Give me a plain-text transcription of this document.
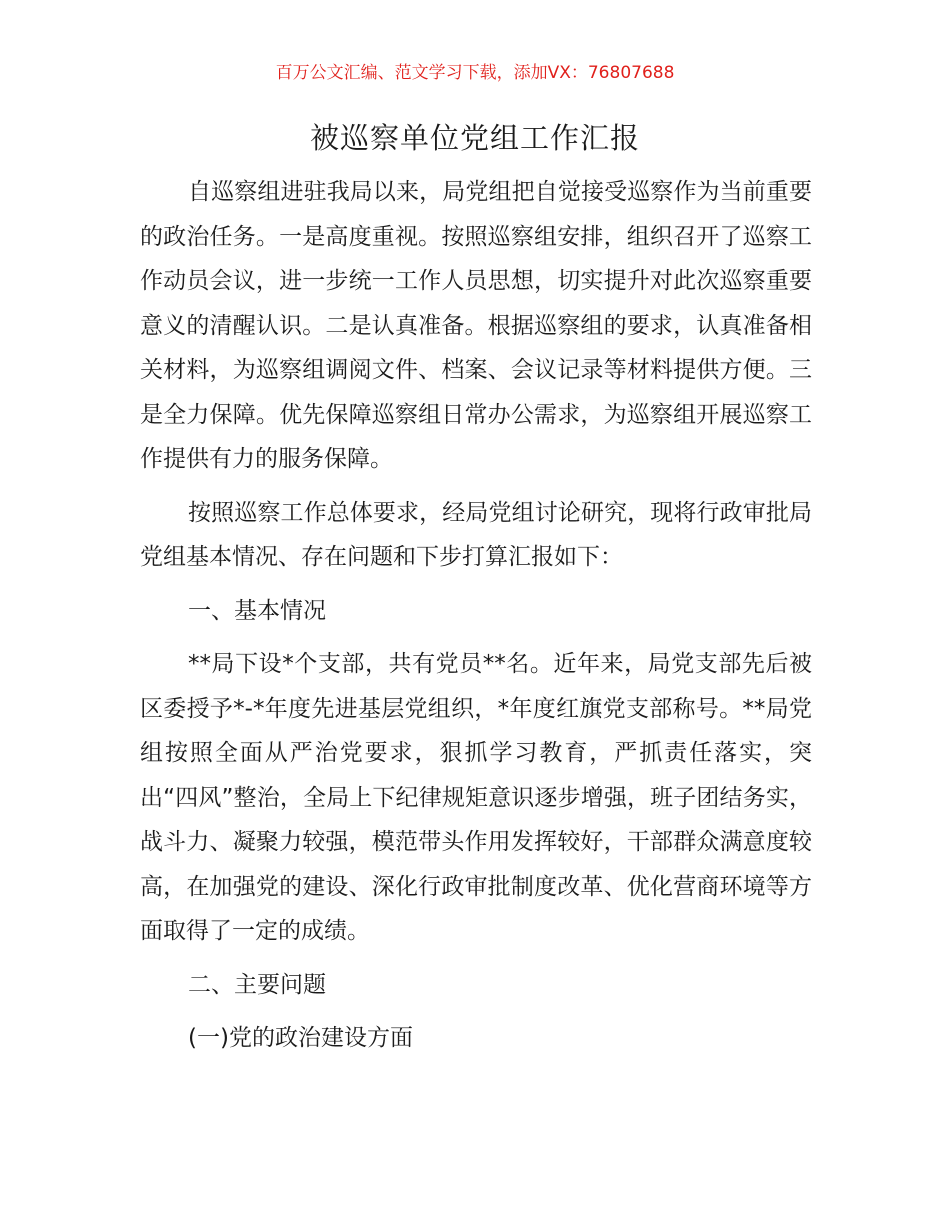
百万公文汇编、范文学习下载，添加VX：76807688
被巡察单位党组工作汇报

自巡察组进驻我局以来，局党组把自觉接受巡察作为当前重要的政治任务。一是高度重视。按照巡察组安排，组织召开了巡察工作动员会议，进一步统一工作人员思想，切实提升对此次巡察重要意义的清醒认识。二是认真准备。根据巡察组的要求，认真准备相关材料，为巡察组调阅文件、档案、会议记录等材料提供方便。三是全力保障。优先保障巡察组日常办公需求，为巡察组开展巡察工作提供有力的服务保障。

按照巡察工作总体要求，经局党组讨论研究，现将行政审批局党组基本情况、存在问题和下步打算汇报如下：

一、基本情况

**局下设*个支部，共有党员**名。近年来，局党支部先后被区委授予*-*年度先进基层党组织，*年度红旗党支部称号。**局党组按照全面从严治党要求，狠抓学习教育，严抓责任落实，突出“四风”整治，全局上下纪律规矩意识逐步增强，班子团结务实，战斗力、凝聚力较强，模范带头作用发挥较好，干部群众满意度较高，在加强党的建设、深化行政审批制度改革、优化营商环境等方面取得了一定的成绩。

二、主要问题

(一)党的政治建设方面
